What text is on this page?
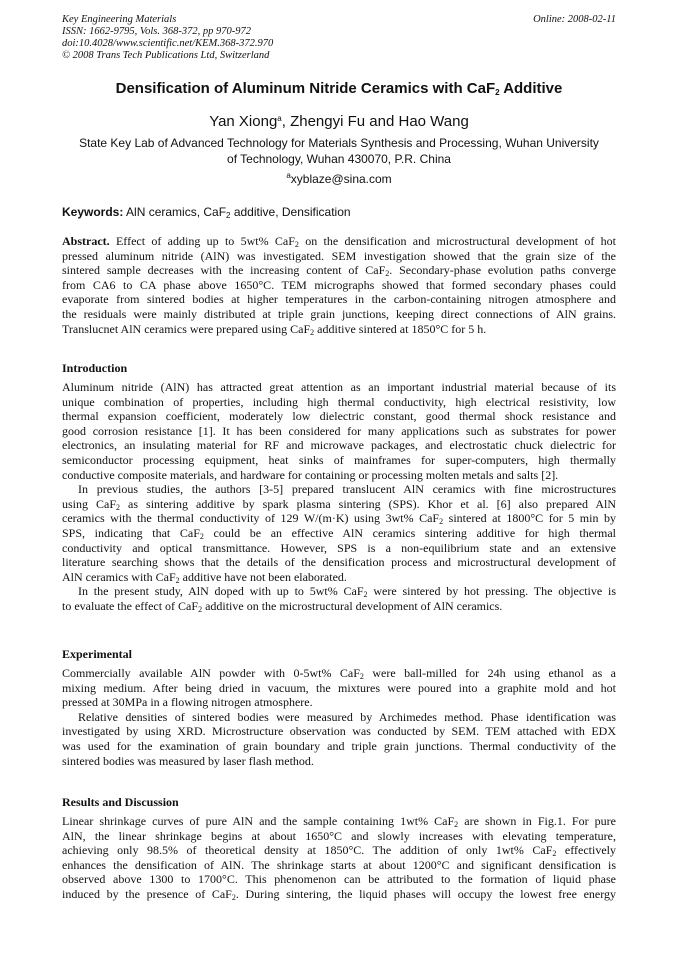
Key Engineering Materials
ISSN: 1662-9795, Vols. 368-372, pp 970-972
doi:10.4028/www.scientific.net/KEM.368-372.970
© 2008 Trans Tech Publications Ltd, Switzerland
Online: 2008-02-11
Densification of Aluminum Nitride Ceramics with CaF$_2$ Additive
Yan Xiong$^a$, Zhengyi Fu and Hao Wang
State Key Lab of Advanced Technology for Materials Synthesis and Processing, Wuhan University
of Technology, Wuhan 430070, P.R. China
$^a$xyblaze@sina.com
Keywords: AlN ceramics, CaF$_2$ additive, Densification
Abstract. Effect of adding up to 5wt% CaF$_2$ on the densification and microstructural development of hot
pressed aluminum nitride (AlN) was investigated. SEM investigation showed that the grain size of the
sintered sample decreases with the increasing content of CaF$_2$. Secondary-phase evolution paths converge
from CA6 to CA phase above 1650°C. TEM micrographs showed that formed secondary phases could
evaporate from sintered bodies at higher temperatures in the carbon-containing nitrogen atmosphere and
the residuals were mainly distributed at triple grain junctions, keeping direct connections of AlN grains.
Translucnet AlN ceramics were prepared using CaF$_2$ additive sintered at 1850°C for 5 h.
Introduction
Aluminum nitride (AlN) has attracted great attention as an important industrial material because of its
unique combination of properties, including high thermal conductivity, high electrical resistivity, low
thermal expansion coefficient, moderately low dielectric constant, good thermal shock resistance and
good corrosion resistance [1]. It has been considered for many applications such as substrates for power
electronics, an insulating material for RF and microwave packages, and electrostatic chuck dielectric for
semiconductor processing equipment, heat sinks of mainframes for super-computers, high thermally
conductive composite materials, and hardware for containing or processing molten metals and salts [2].
In previous studies, the authors [3-5] prepared translucent AlN ceramics with fine microstructures
using CaF$_2$ as sintering additive by spark plasma sintering (SPS). Khor et al. [6] also prepared AlN
ceramics with the thermal conductivity of 129 W/(m·K) using 3wt% CaF$_2$ sintered at 1800°C for 5 min by
SPS, indicating that CaF$_2$ could be an effective AlN ceramics sintering additive for high thermal
conductivity and optical transmittance. However, SPS is a non-equilibrium state and an extensive
literature searching shows that the details of the densification process and microstructural development of
AlN ceramics with CaF$_2$ additive have not been elaborated.
In the present study, AlN doped with up to 5wt% CaF$_2$ were sintered by hot pressing. The objective is
to evaluate the effect of CaF$_2$ additive on the microstructural development of AlN ceramics.
Experimental
Commercially available AlN powder with 0-5wt% CaF$_2$ were ball-milled for 24h using ethanol as a
mixing medium. After being dried in vacuum, the mixtures were poured into a graphite mold and hot
pressed at 30MPa in a flowing nitrogen atmosphere.
Relative densities of sintered bodies were measured by Archimedes method. Phase identification was
investigated by using XRD. Microstructure observation was conducted by SEM. TEM attached with EDX
was used for the examination of grain boundary and triple grain junctions. Thermal conductivity of the
sintered bodies was measured by laser flash method.
Results and Discussion
Linear shrinkage curves of pure AlN and the sample containing 1wt% CaF$_2$ are shown in Fig.1. For pure
AlN, the linear shrinkage begins at about 1650°C and slowly increases with elevating temperature,
achieving only 98.5% of theoretical density at 1850°C. The addition of only 1wt% CaF$_2$ effectively
enhances the densification of AlN. The shrinkage starts at about 1200°C and significant densification is
observed above 1300 to 1700°C. This phenomenon can be attributed to the formation of liquid phase
induced by the presence of CaF$_2$. During sintering, the liquid phases will occupy the lowest free energy
